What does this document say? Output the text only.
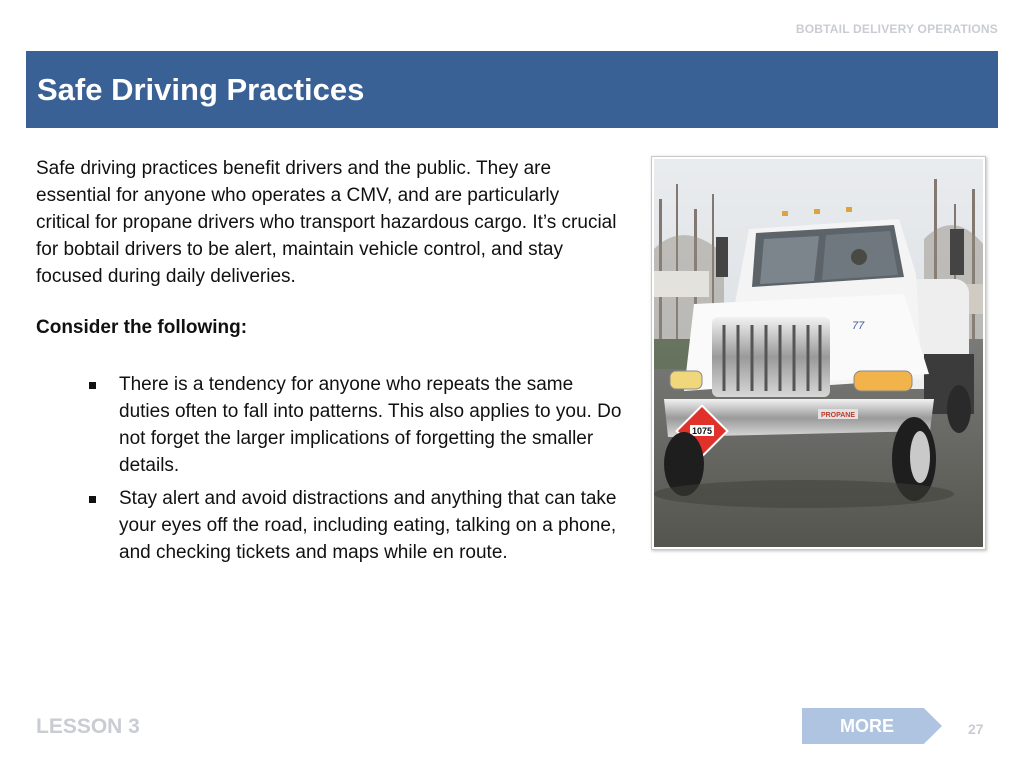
BOBTAIL DELIVERY OPERATIONS
Safe Driving Practices

Safe driving practices benefit drivers and the public. They are essential for anyone who operates a CMV, and are particularly critical for propane drivers who transport hazardous cargo. It’s crucial for bobtail drivers to be alert, maintain vehicle control, and stay focused during daily deliveries.

Consider the following:

There is a tendency for anyone who repeats the same duties often to fall into patterns. This also applies to you. Do not forget the larger implications of forgetting the smaller details.
Stay alert and avoid distractions and anything that can take your eyes off the road, including eating, talking on a phone, and checking tickets and maps while en route.
PROPANE
77
1075
LESSON 3	MORE	27
